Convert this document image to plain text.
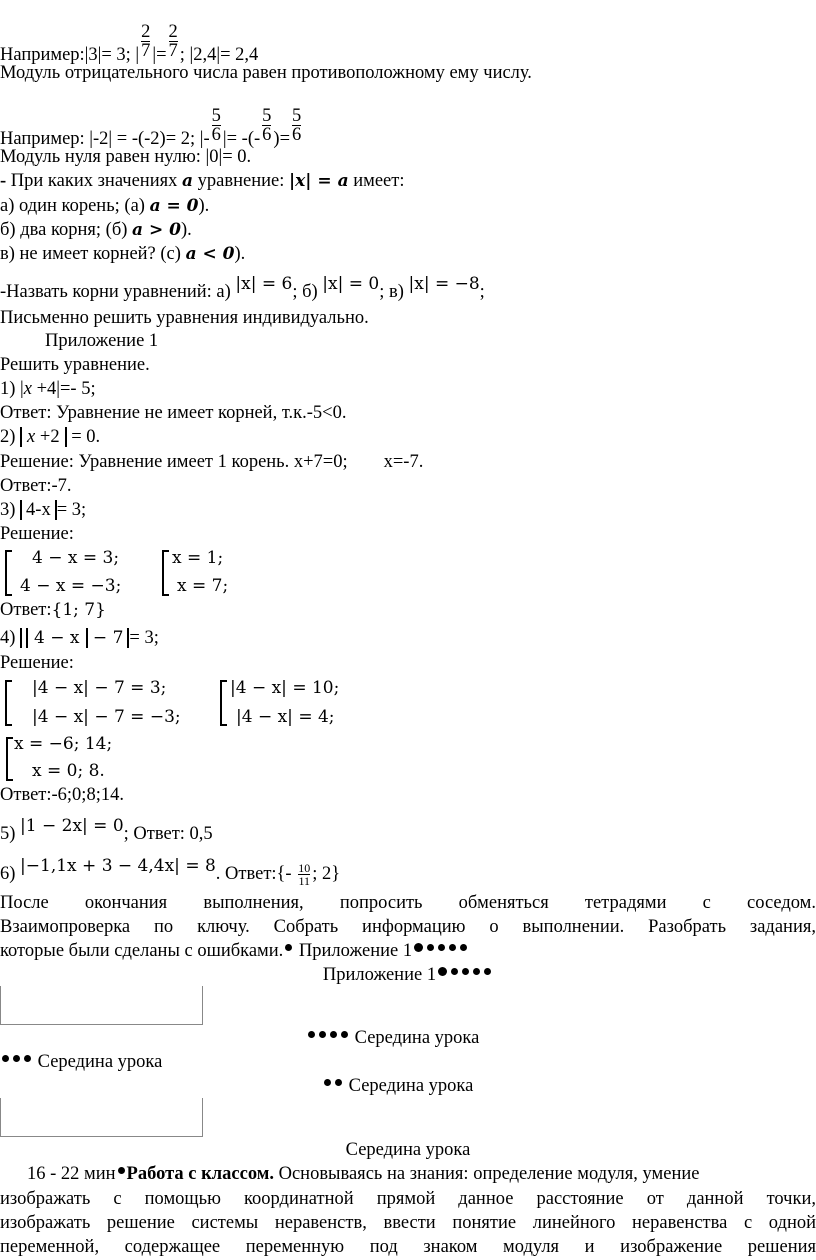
Например:|3|= 3; | $\frac{2}{7}$ |= $\frac{2}{7}$ ; |2,4|= 2,4
Модуль отрицательного числа равен противоположному ему числу.
Например: |-2| = -(-2)= 2; |- $\frac{5}{6}$ |= -(- $\frac{5}{6}$ )= $\frac{5}{6}$
Модуль нуля равен нулю: |0|= 0.
- При каких значениях a уравнение: |x| = a имеет:
а) один корень; (а) a = 0).
б) два корня; (б) a > 0).
в) не имеет корней? (с) a < 0).
-Назвать корни уравнений: а) |x| = 6; б) |x| = 0; в) |x| = −8;
Письменно решить уравнения индивидуально.
Приложение 1
Решить уравнение.
1) |x +4|=- 5;
Ответ: Уравнение не имеет корней, т.к.-5<0.
2) x +2 = 0.
Решение: Уравнение имеет 1 корень. x+7=0; x=-7.
Ответ:-7.
3) 4-x = 3;
Решение:
4 − x = 3;
4 − x = −3;
x = 1;
x = 7;
Ответ:{1; 7}
4) 4 − x − 7 = 3;
Решение:
|4 − x| − 7 = 3;
|4 − x| − 7 = −3;
|4 − x| = 10;
|4 − x| = 4;
x = −6; 14;
x = 0; 8.
Ответ:-6;0;8;14.
5) |1 − 2x| = 0; Ответ: 0,5
6) |−1,1x + 3 − 4,4x| = 8. Ответ:{- $\frac{10}{11}$ ; 2}
После окончания выполнения, попросить обменяться тетрадями с соседом.
Взаимопроверка по ключу. Собрать информацию о выполнении. Разобрать задания,
которые были сделаны с ошибками. Приложение 1
Приложение 1
Середина урока
Середина урока
Середина урока
Середина урока
16 - 22 мин Работа с классом. Основываясь на знания: определение модуля, умение
изображать с помощью координатной прямой данное расстояние от данной точки,
изображать решение системы неравенств, ввести понятие линейного неравенства с одной
переменной, содержащее переменную под знаком модуля и изображение решения
